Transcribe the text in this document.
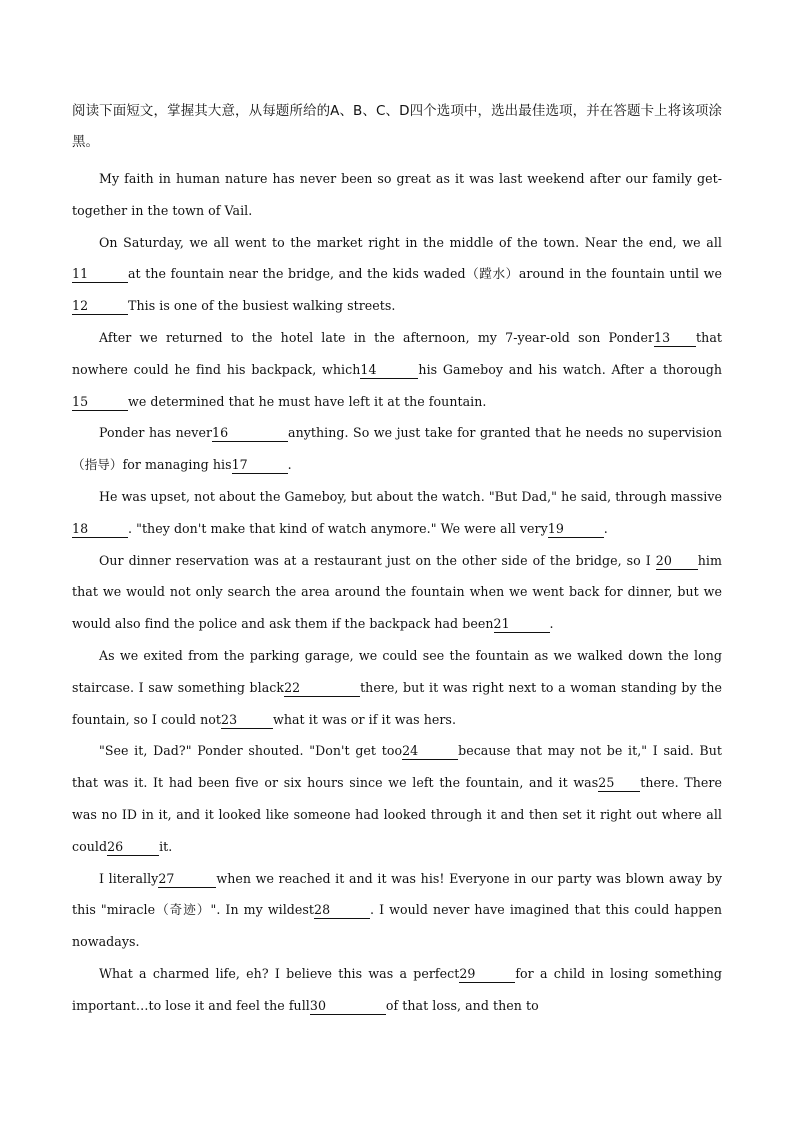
阅读下面短文，掌握其大意，从每题所给的A、B、C、D四个选项中，选出最佳选项，并在答题卡上将该项涂黑。

My faith in human nature has never been so great as it was last weekend after our family get-together in the town of Vail.

On Saturday, we all went to the market right in the middle of the town. Near the end, we all11	at the fountain near the bridge, and the kids waded（蹚水）around in the fountain until we12	This is one of the busiest walking streets.

After we returned to the hotel late in the afternoon, my 7-year-old son Ponder13 that nowhere could he find his backpack, which14	his Gameboy and his watch. After a thorough15	we determined that he must have left it at the fountain.

Ponder has never16	anything. So we just take for granted that he needs no supervision（指导）for managing his17	.

He was upset, not about the Gameboy, but about the watch. "But Dad," he said, through massive18	. "they don't make that kind of watch anymore." We were all very19	.

Our dinner reservation was at a restaurant just on the other side of the bridge, so I 20 him that we would not only search the area around the fountain when we went back for dinner, but we would also find the police and ask them if the backpack had been21	.

As we exited from the parking garage, we could see the fountain as we walked down the long staircase. I saw something black22	there, but it was right next to a woman standing by the fountain, so I could not23	what it was or if it was hers.

"See it, Dad?" Ponder shouted. "Don't get too24	because that may not be it," I said. But that was it. It had been five or six hours since we left the fountain, and it was25 there. There was no ID in it, and it looked like someone had looked through it and then set it right out where all could26	it.

I literally27	when we reached it and it was his! Everyone in our party was blown away by this "miracle（奇迹）". In my wildest28	. I would never have imagined that this could happen nowadays.

What a charmed life, eh? I believe this was a perfect29	for a child in losing something important…to lose it and feel the full30	of that loss, and then to
